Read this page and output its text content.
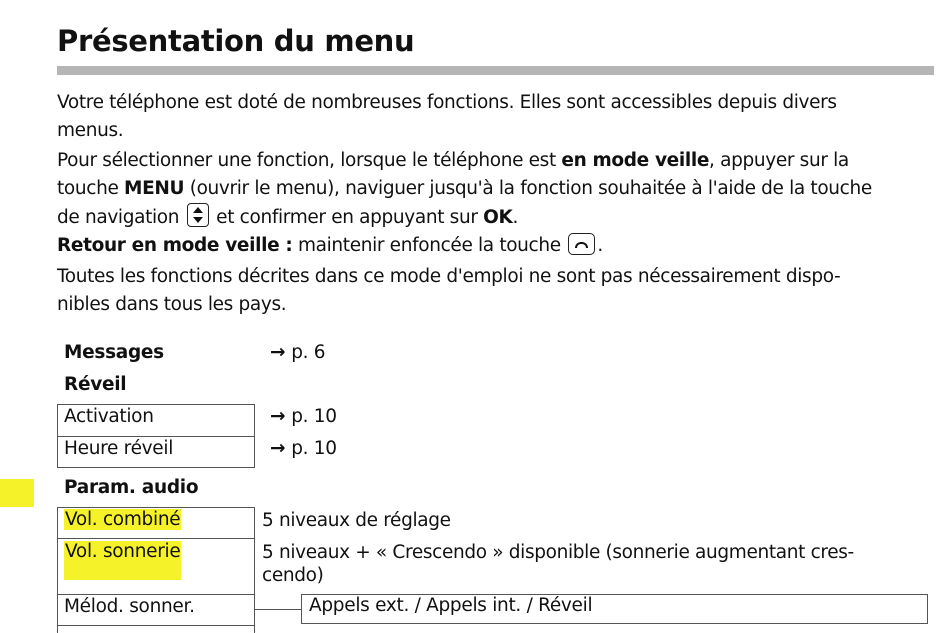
Présentation du menu
Votre téléphone est doté de nombreuses fonctions. Elles sont accessibles depuis divers
menus.
Pour sélectionner une fonction, lorsque le téléphone est en mode veille, appuyer sur la
touche MENU (ouvrir le menu), naviguer jusqu'à la fonction souhaitée à l'aide de la touche
de navigation  et confirmer en appuyant sur OK.
Retour en mode veille : maintenir enfoncée la touche
.
Toutes les fonctions décrites dans ce mode d'emploi ne sont pas nécessairement dispo-
nibles dans tous les pays.
Messages	→ p. 6
Réveil
Activation	→ p. 10
Heure réveil	→ p. 10
Param. audio
Vol. combiné	5 niveaux de réglage
Vol. sonnerie	5 niveaux + « Crescendo » disponible (sonnerie augmentant cres-
cendo)
Mélod. sonner.	Appels ext. / Appels int. / Réveil
